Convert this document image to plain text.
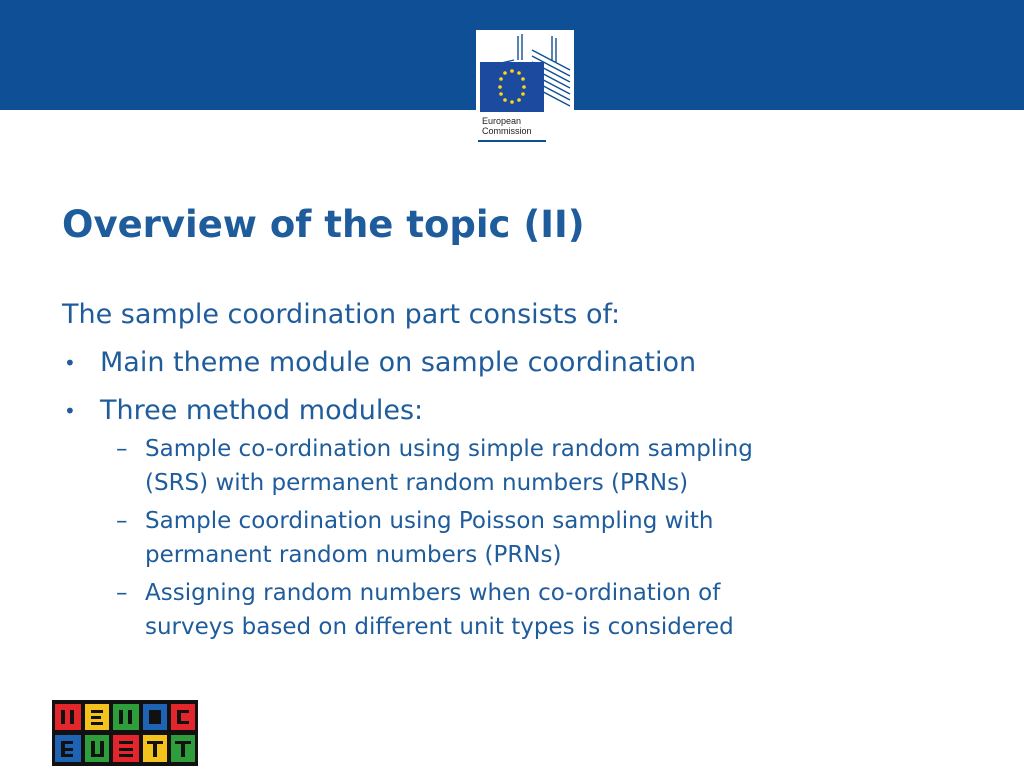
European
Commission
Overview of the topic (II)

The sample coordination part consists of:

• Main theme module on sample coordination
• Three method modules:
– Sample co-ordination using simple random sampling
(SRS) with permanent random numbers (PRNs)
– Sample coordination using Poisson sampling with
permanent random numbers (PRNs)
– Assigning random numbers when co-ordination of
surveys based on different unit types is considered
